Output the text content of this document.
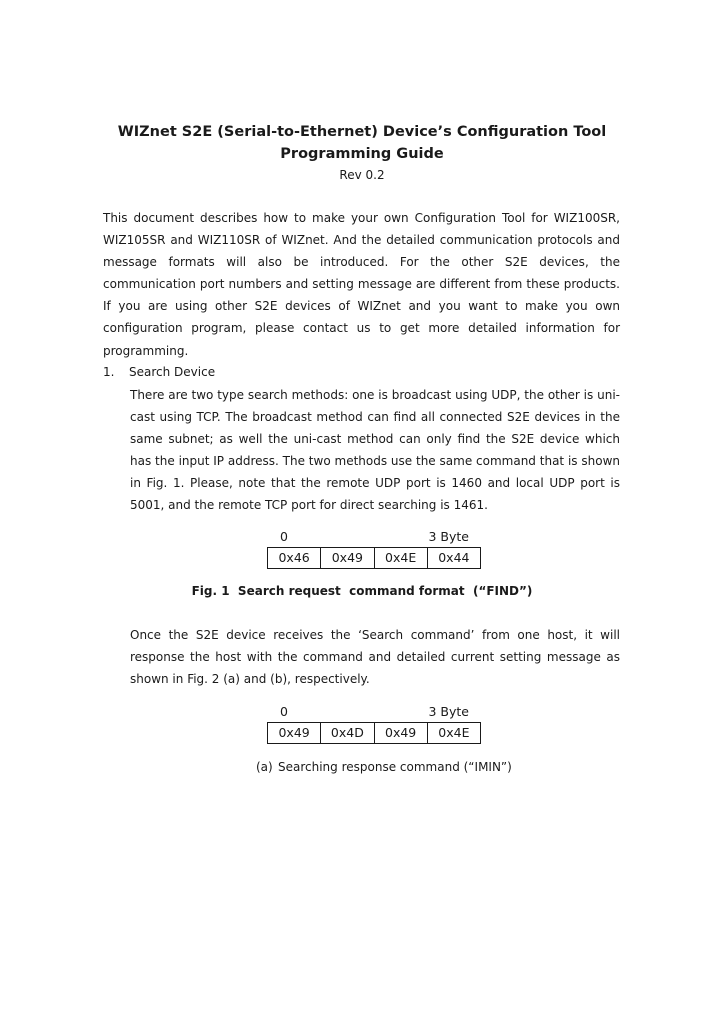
WIZnet S2E (Serial-to-Ethernet) Device’s Configuration Tool Programming Guide
Rev 0.2

This document describes how to make your own Configuration Tool for WIZ100SR, WIZ105SR and WIZ110SR of WIZnet. And the detailed communication protocols and message formats will also be introduced. For the other S2E devices, the communication port numbers and setting message are different from these products. If you are using other S2E devices of WIZnet and you want to make you own configuration program, please contact us to get more detailed information for programming.

1. Search Device

There are two type search methods: one is broadcast using UDP, the other is uni-cast using TCP. The broadcast method can find all connected S2E devices in the same subnet; as well the uni-cast method can only find the S2E device which has the input IP address. The two methods use the same command that is shown in Fig. 1. Please, note that the remote UDP port is 1460 and local UDP port is 5001, and the remote TCP port for direct searching is 1461.

0	3 Byte
0x46	0x49	0x4E	0x44

Fig. 1  Search request  command format  (“FIND”)

Once the S2E device receives the ‘Search command’ from one host, it will response the host with the command and detailed current setting message as shown in Fig. 2 (a) and (b), respectively.

0	3 Byte
0x49	0x4D	0x49	0x4E

(a) Searching response command (“IMIN”)
